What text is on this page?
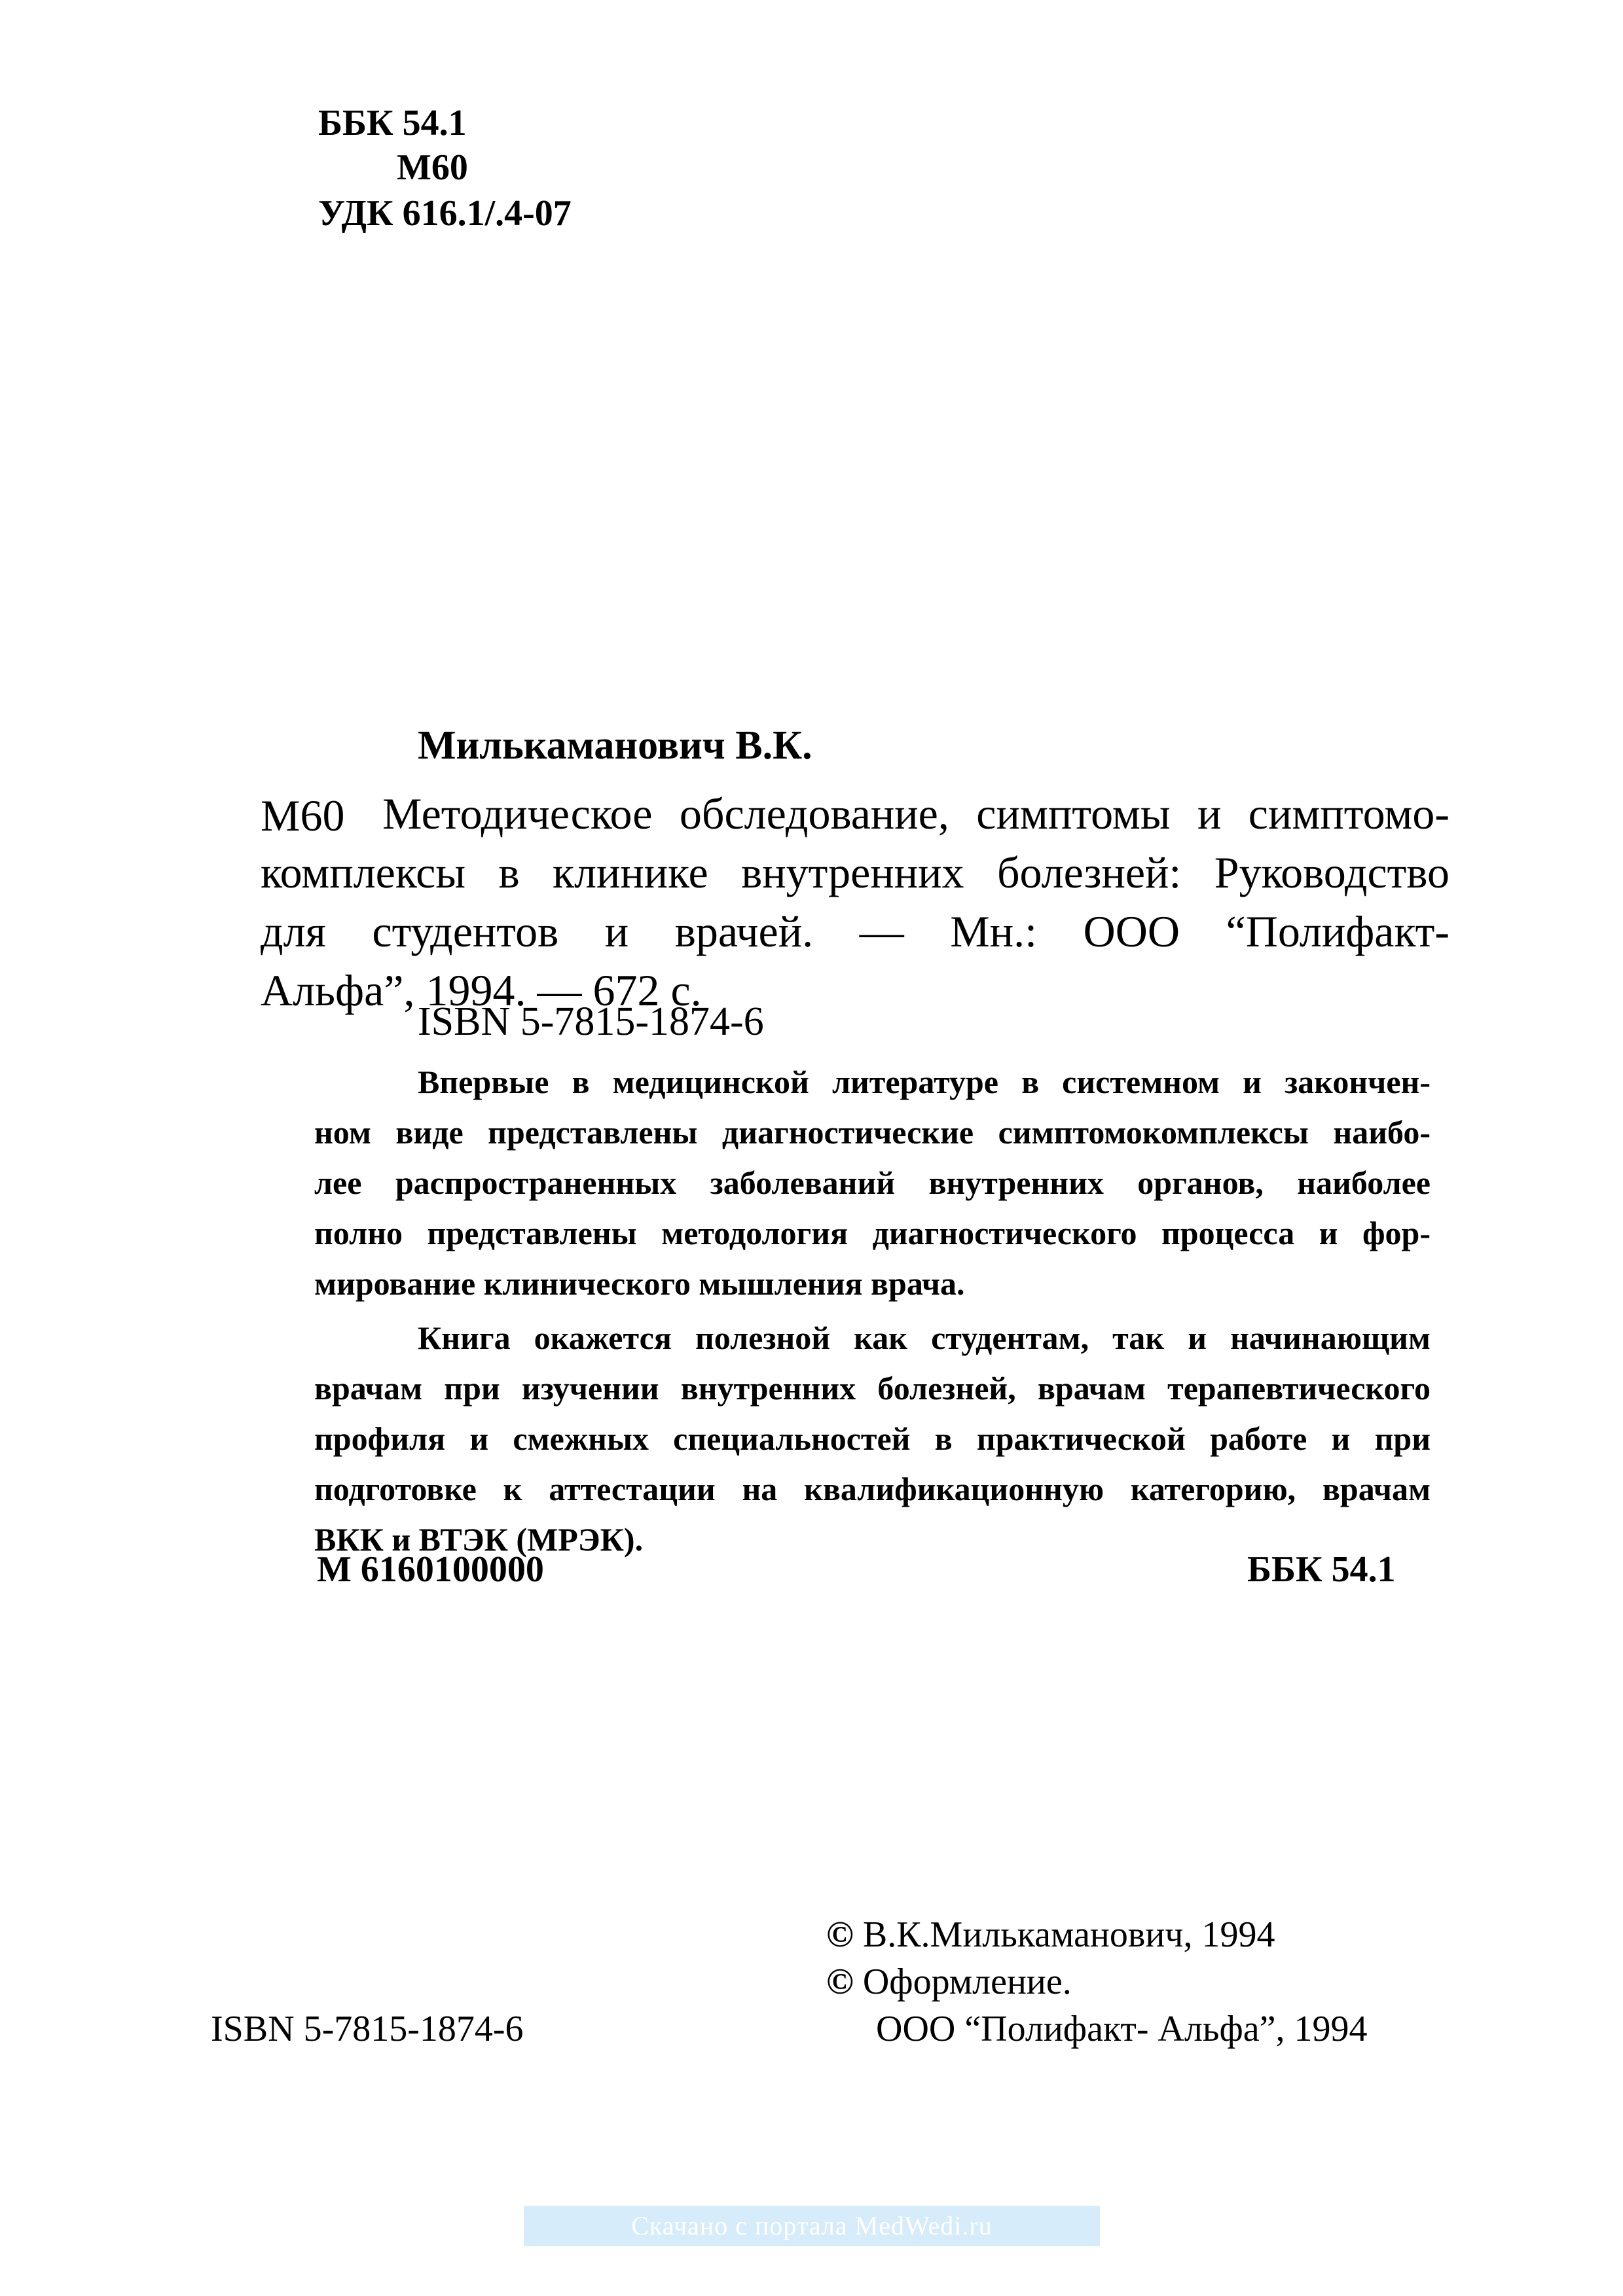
ББК 54.1
М60
УДК 616.1/.4-07
Милькаманович В.К.
М60 Методическое обследование, симптомы и симптомо-
комплексы в клинике внутренних болезней: Руководство
для студентов и врачей. — Мн.: ООО “Полифакт-
Альфа”, 1994. — 672 с.
ISBN 5-7815-1874-6
Впервые в медицинской литературе в системном и закончен-
ном виде представлены диагностические симптомокомплексы наибо-
лее распространенных заболеваний внутренних органов, наиболее
полно представлены методология диагностического процесса и фор-
мирование клинического мышления врача.
Книга окажется полезной как студентам, так и начинающим
врачам при изучении внутренних болезней, врачам терапевтического
профиля и смежных специальностей в практической работе и при
подготовке к аттестации на квалификационную категорию, врачам
ВКК и ВТЭК (МРЭК).
М 6160100000	ББК 54.1
© В.К.Милькаманович, 1994
© Оформление.
ООО “Полифакт- Альфа”, 1994
ISBN 5-7815-1874-6
Скачано с портала MedWedi.ru
